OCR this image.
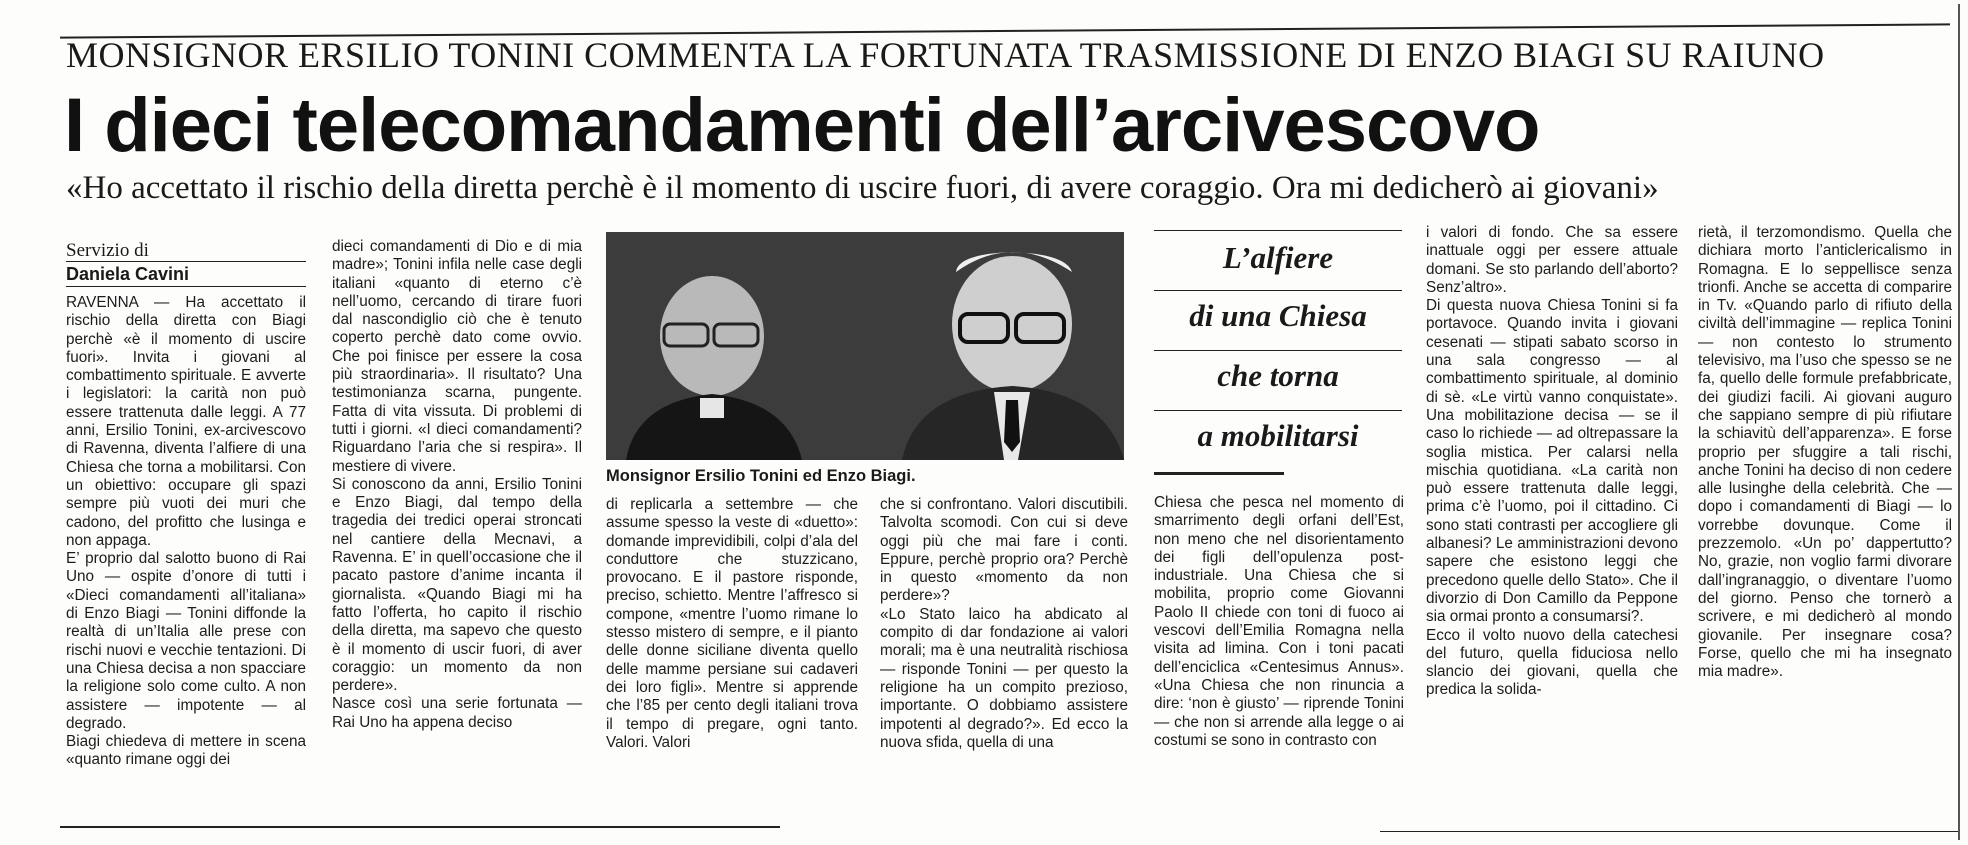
MONSIGNOR ERSILIO TONINI COMMENTA LA FORTUNATA TRASMISSIONE DI ENZO BIAGI SU RAIUNO
I dieci telecomandamenti dell’arcivescovo
«Ho accettato il rischio della diretta perchè è il momento di uscire fuori, di avere coraggio. Ora mi dedicherò ai giovani»
Servizio di
Daniela Cavini
RAVENNA — Ha accettato il rischio della diretta con Biagi perchè «è il momento di uscire fuori». Invita i giovani al combattimento spirituale. E avverte i legislatori: la carità non può essere trattenuta dalle leggi. A 77 anni, Ersilio Tonini, ex-arcivescovo di Ravenna, diventa l’alfiere di una Chiesa che torna a mobilitarsi. Con un obiettivo: occupare gli spazi sempre più vuoti dei muri che cadono, del profitto che lusinga e non appaga.
E’ proprio dal salotto buono di Rai Uno — ospite d’onore di tutti i «Dieci comandamenti all’italiana» di Enzo Biagi — Tonini diffonde la realtà di un’Italia alle prese con rischi nuovi e vecchie tentazioni. Di una Chiesa decisa a non spacciare la religione solo come culto. A non assistere — impotente — al degrado.
Biagi chiedeva di mettere in scena «quanto rimane oggi dei
dieci comandamenti di Dio e di mia madre»; Tonini infila nelle case degli italiani «quanto di eterno c’è nell’uomo, cercando di tirare fuori dal nascondiglio ciò che è tenuto coperto perchè dato come ovvio. Che poi finisce per essere la cosa più straordinaria». Il risultato? Una testimonianza scarna, pungente. Fatta di vita vissuta. Di problemi di tutti i giorni. «I dieci comandamenti? Riguardano l’aria che si respira». Il mestiere di vivere.
Si conoscono da anni, Ersilio Tonini e Enzo Biagi, dal tempo della tragedia dei tredici operai stroncati nel cantiere della Mecnavi, a Ravenna. E’ in quell’occasione che il pacato pastore d’anime incanta il giornalista. «Quando Biagi mi ha fatto l’offerta, ho capito il rischio della diretta, ma sapevo che questo è il momento di uscir fuori, di aver coraggio: un momento da non perdere».
Nasce così una serie fortunata — Rai Uno ha appena deciso
di replicarla a settembre — che assume spesso la veste di «duetto»: domande imprevidibili, colpi d’ala del conduttore che stuzzicano, provocano. E il pastore risponde, preciso, schietto. Mentre l’affresco si compone, «mentre l’uomo rimane lo stesso mistero di sempre, e il pianto delle donne siciliane diventa quello delle mamme persiane sui cadaveri dei loro figli». Mentre si apprende che l’85 per cento degli italiani trova il tempo di pregare, ogni tanto. Valori. Valori
che si confrontano. Valori discutibili. Talvolta scomodi. Con cui si deve oggi più che mai fare i conti. Eppure, perchè proprio ora? Perchè in questo «momento da non perdere»?
«Lo Stato laico ha abdicato al compito di dar fondazione ai valori morali; ma è una neutralità rischiosa — risponde Tonini — per questo la religione ha un compito prezioso, importante. O dobbiamo assistere impotenti al degrado?». Ed ecco la nuova sfida, quella di una
Chiesa che pesca nel momento di smarrimento degli orfani dell’Est, non meno che nel disorientamento dei figli dell’opulenza post-industriale. Una Chiesa che si mobilita, proprio come Giovanni Paolo II chiede con toni di fuoco ai vescovi dell’Emilia Romagna nella visita ad limina. Con i toni pacati dell’enciclica «Centesimus Annus». «Una Chiesa che non rinuncia a dire: ‘non è giusto’ — riprende Tonini — che non si arrende alla legge o ai costumi se sono in contrasto con
i valori di fondo. Che sa essere inattuale oggi per essere attuale domani. Se sto parlando dell’aborto? Senz’altro».
Di questa nuova Chiesa Tonini si fa portavoce. Quando invita i giovani cesenati — stipati sabato scorso in una sala congresso — al combattimento spirituale, al dominio di sè. «Le virtù vanno conquistate». Una mobilitazione decisa — se il caso lo richiede — ad oltrepassare la soglia mistica. Per calarsi nella mischia quotidiana. «La carità non può essere trattenuta dalle leggi, prima c’è l’uomo, poi il cittadino. Ci sono stati contrasti per accogliere gli albanesi? Le amministrazioni devono sapere che esistono leggi che precedono quelle dello Stato». Che il divorzio di Don Camillo da Peppone sia ormai pronto a consumarsi?.
Ecco il volto nuovo della catechesi del futuro, quella fiduciosa nello slancio dei giovani, quella che predica la solida-
rietà, il terzomondismo. Quella che dichiara morto l’anticlericalismo in Romagna. E lo seppellisce senza trionfi. Anche se accetta di comparire in Tv. «Quando parlo di rifiuto della civiltà dell’immagine — replica Tonini — non contesto lo strumento televisivo, ma l’uso che spesso se ne fa, quello delle formule prefabbricate, dei giudizi facili. Ai giovani auguro che sappiano sempre di più rifiutare la schiavitù dell’apparenza». E forse proprio per sfuggire a tali rischi, anche Tonini ha deciso di non cedere alle lusinghe della celebrità. Che — dopo i comandamenti di Biagi — lo vorrebbe dovunque. Come il prezzemolo. «Un po’ dappertutto? No, grazie, non voglio farmi divorare dall’ingranaggio, o diventare l’uomo del giorno. Penso che tornerò a scrivere, e mi dedicherò al mondo giovanile. Per insegnare cosa? Forse, quello che mi ha insegnato mia madre».
Monsignor Ersilio Tonini ed Enzo Biagi.
L’alfiere
di una Chiesa
che torna
a mobilitarsi
